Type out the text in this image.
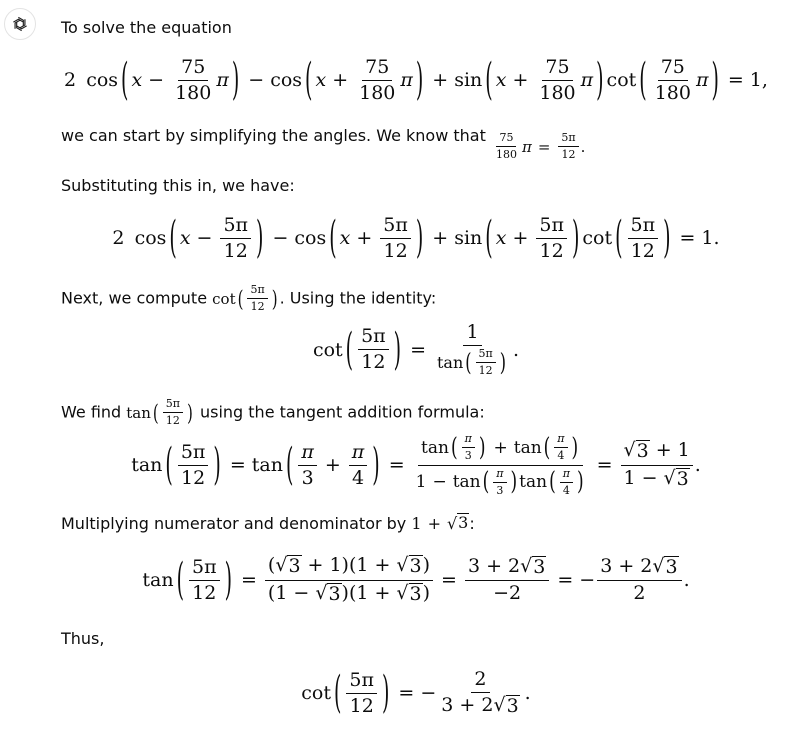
To solve the equation
2
cos ( $x - \frac{75}{180}$ π ) − cos ( $x + \frac{75}{180}$ π ) + sin ( $x + \frac{75}{180}$ π ) cot ( $\frac{75}{180}$ π ) = 1 ,
we can start by simplifying the angles. We know that $\frac{75}{180}$ $\pi = \frac{5\pi}{12}$ .
Substituting this in, we have:
2
cos ( $x - \frac{5\pi}{12}$ ) − cos ( $x + \frac{5\pi}{12}$ ) + sin ( $x + \frac{5\pi}{12}$ ) cot ( $\frac{5\pi}{12}$ ) = 1 .
Next, we compute cot ( $\frac{5\pi}{12}$ ) . Using the identity:
cot ( $\frac{5\pi}{12}$ ) = $\frac{1}{\tan ( \frac{5\pi}{12} )}$ .
We find tan ( $\frac{5\pi}{12}$ ) using the tangent addition formula:
tan ( $\frac{5\pi}{12}$ ) = tan ( $\frac{\pi}{3} + \frac{\pi}{4}$ ) = $\frac{\tan ( \frac{\pi}{3} ) + \tan ( \frac{\pi}{4} )}{1 - \tan ( \frac{\pi}{3} ) \tan ( \frac{\pi}{4} )} = \frac{√ 3 + 1}{1 - √ 3}$ .
Multiplying numerator and denominator by 1 + √ 3 :
tan ( $\frac{5\pi}{12}$ ) = $\frac{( √ 3 + 1)(1 + √ 3 )}{(1 - √ 3 )(1 + √ 3 )} = \frac{3 + 2 √ 3}{-2}$ = − $\frac{3 + 2 √ 3}{2}$ .
Thus,
cot ( $\frac{5\pi}{12}$ ) = − $\frac{2}{3 + 2 √ 3}$ .
